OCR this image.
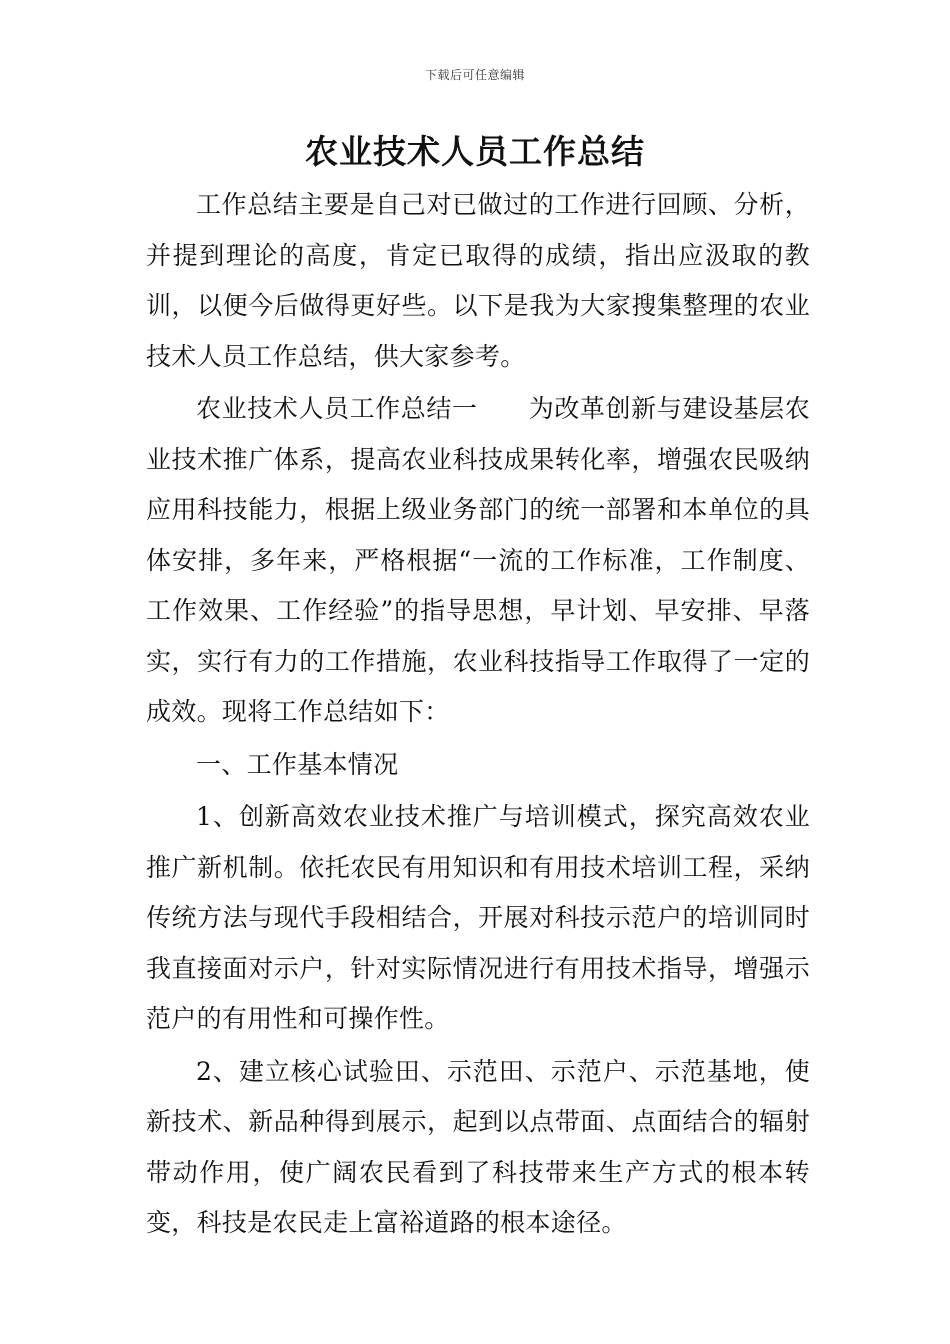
下载后可任意编辑
农业技术人员工作总结

工作总结主要是自己对已做过的工作进行回顾、分析，并提到理论的高度，肯定已取得的成绩，指出应汲取的教训，以便今后做得更好些。以下是我为大家搜集整理的农业技术人员工作总结，供大家参考。

农业技术人员工作总结一　　为改革创新与建设基层农业技术推广体系，提高农业科技成果转化率，增强农民吸纳应用科技能力，根据上级业务部门的统一部署和本单位的具体安排，多年来，严格根据“一流的工作标准，工作制度、工作效果、工作经验”的指导思想，早计划、早安排、早落实，实行有力的工作措施，农业科技指导工作取得了一定的成效。现将工作总结如下：

一、工作基本情况

1、创新高效农业技术推广与培训模式，探究高效农业推广新机制。依托农民有用知识和有用技术培训工程，采纳传统方法与现代手段相结合，开展对科技示范户的培训同时我直接面对示户，针对实际情况进行有用技术指导，增强示范户的有用性和可操作性。

2、建立核心试验田、示范田、示范户、示范基地，使新技术、新品种得到展示，起到以点带面、点面结合的辐射带动作用，使广阔农民看到了科技带来生产方式的根本转变，科技是农民走上富裕道路的根本途径。
